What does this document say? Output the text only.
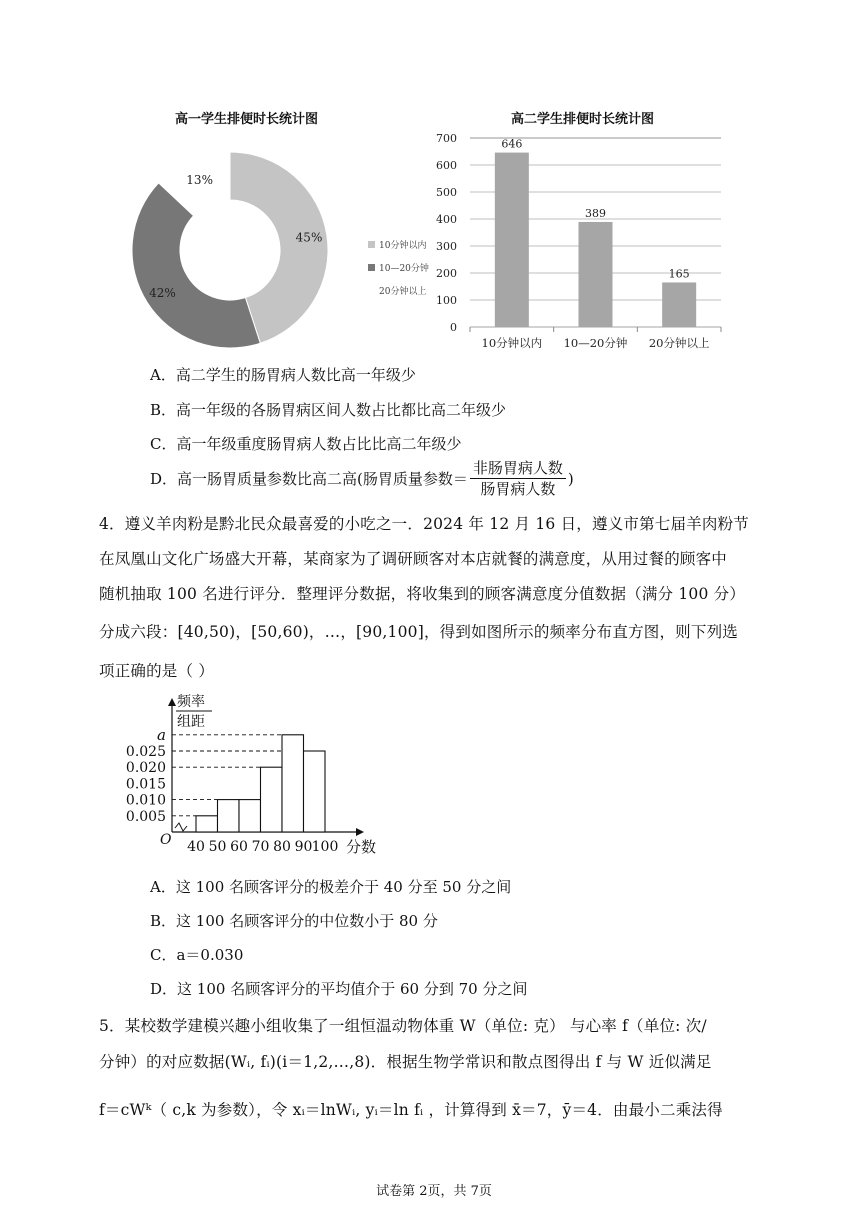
高一学生排便时长统计图
45%
42%
13%
10分钟以内
10—20分钟
20分钟以上
高二学生排便时长统计图
0
100
200
300
400
500
600
700	646
10分钟以内
389
10—20分钟
165
20分钟以上
A．高二学生的肠胃病人数比高一年级少
B．高一年级的各肠胃病区间人数占比都比高二年级少
C．高一年级重度肠胃病人数占比比高二年级少
D．高一肠胃质量参数比高二高(肠胃质量参数＝ $\frac{\text{非肠胃病人数}}{\text{肠胃病人数}}$ )
4．遵义羊肉粉是黔北民众最喜爱的小吃之一．2024 年 12 月 16 日，遵义市第七届羊肉粉节
在凤凰山文化广场盛大开幕，某商家为了调研顾客对本店就餐的满意度，从用过餐的顾客中
随机抽取 100 名进行评分．整理评分数据，将收集到的顾客满意度分值数据（满分 100 分）
分成六段：[40,50)，[50,60)，…，[90,100]，得到如图所示的频率分布直方图，则下列选
项正确的是（ ）
频率
组距
0.005
0.010
0.015
0.020
0.025
a
40 50 60 70 80 90 100 分数
O
A．这 100 名顾客评分的极差介于 40 分至 50 分之间
B．这 100 名顾客评分的中位数小于 80 分
C．a＝0.030
D．这 100 名顾客评分的平均值介于 60 分到 70 分之间
5．某校数学建模兴趣小组收集了一组恒温动物体重 W（单位: 克） 与心率 f（单位: 次/
分钟）的对应数据(Wᵢ, fᵢ)(i＝1,2,…,8)．根据生物学常识和散点图得出 f 与 W 近似满足
f＝cWᵏ（ c,k 为参数），令 xᵢ＝lnWᵢ, yᵢ＝ln fᵢ ，计算得到 x̄＝7，ȳ＝4．由最小二乘法得
试卷第 2页，共 7页
